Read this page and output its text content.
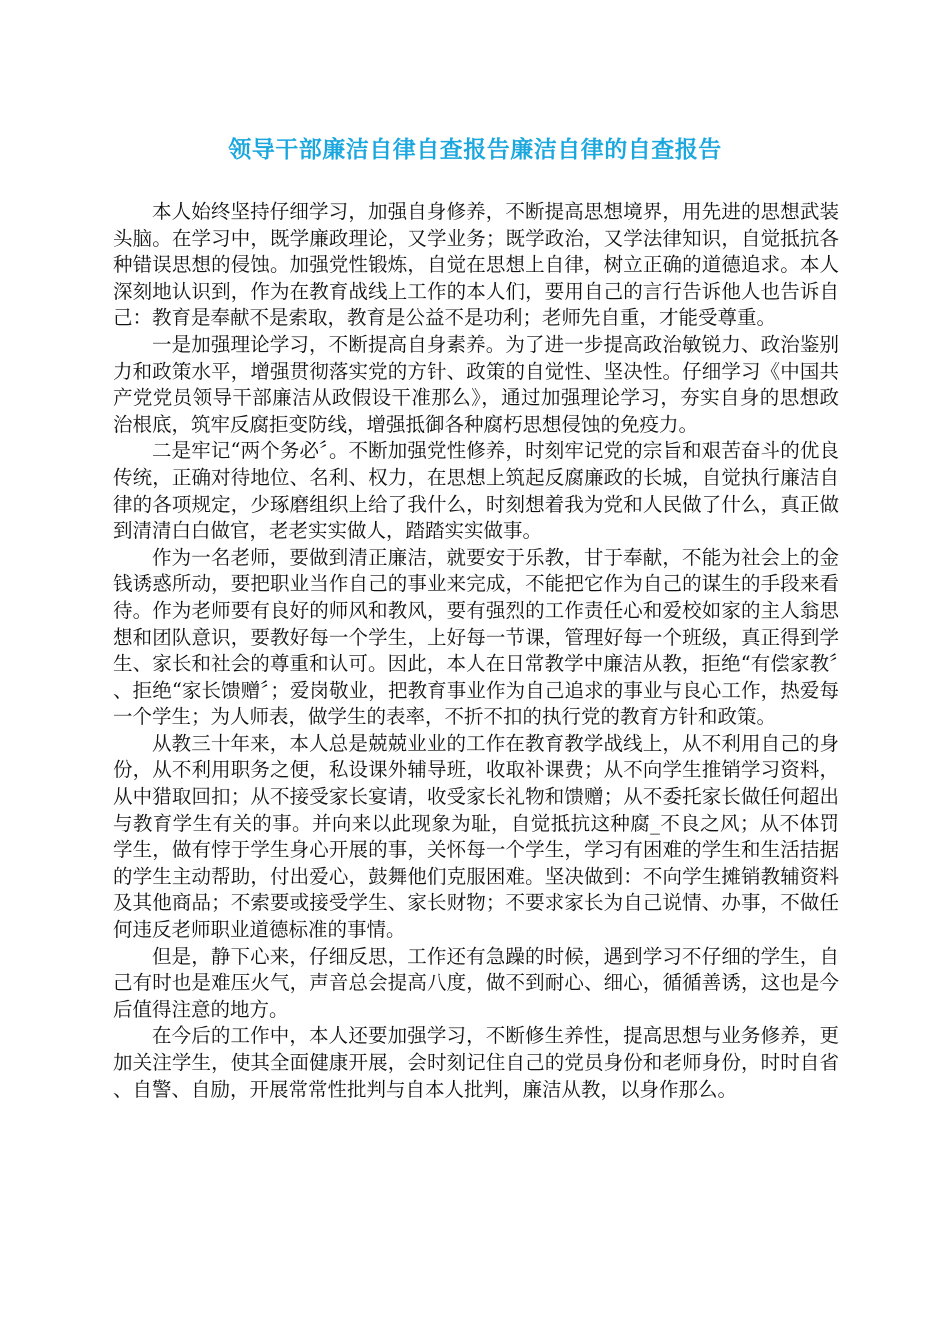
领导干部廉洁自律自查报告廉洁自律的自查报告

本人始终坚持仔细学习，加强自身修养，不断提高思想境界，用先进的思想武装头脑。在学习中，既学廉政理论，又学业务；既学政治，又学法律知识，自觉抵抗各种错误思想的侵蚀。加强党性锻炼，自觉在思想上自律，树立正确的道德追求。本人深刻地认识到，作为在教育战线上工作的本人们，要用自己的言行告诉他人也告诉自己：教育是奉献不是索取，教育是公益不是功利；老师先自重，才能受尊重。

一是加强理论学习，不断提高自身素养。为了进一步提高政治敏锐力、政治鉴别力和政策水平，增强贯彻落实党的方针、政策的自觉性、坚决性。仔细学习《中国共产党党员领导干部廉洁从政假设干准那么》，通过加强理论学习，夯实自身的思想政治根底，筑牢反腐拒变防线，增强抵御各种腐朽思想侵蚀的免疫力。

二是牢记“两个务必〞。不断加强党性修养，时刻牢记党的宗旨和艰苦奋斗的优良传统，正确对待地位、名利、权力，在思想上筑起反腐廉政的长城，自觉执行廉洁自律的各项规定，少琢磨组织上给了我什么，时刻想着我为党和人民做了什么，真正做到清清白白做官，老老实实做人，踏踏实实做事。

作为一名老师，要做到清正廉洁，就要安于乐教，甘于奉献，不能为社会上的金钱诱惑所动，要把职业当作自己的事业来完成，不能把它作为自己的谋生的手段来看待。作为老师要有良好的师风和教风，要有强烈的工作责任心和爱校如家的主人翁思想和团队意识，要教好每一个学生，上好每一节课，管理好每一个班级，真正得到学生、家长和社会的尊重和认可。因此，本人在日常教学中廉洁从教，拒绝“有偿家教〞、拒绝“家长馈赠〞；爱岗敬业，把教育事业作为自己追求的事业与良心工作，热爱每一个学生；为人师表，做学生的表率，不折不扣的执行党的教育方针和政策。

从教三十年来，本人总是兢兢业业的工作在教育教学战线上，从不利用自己的身份，从不利用职务之便，私设课外辅导班，收取补课费；从不向学生推销学习资料，从中猎取回扣；从不接受家长宴请，收受家长礼物和馈赠；从不委托家长做任何超出与教育学生有关的事。并向来以此现象为耻，自觉抵抗这种腐_不良之风；从不体罚学生，做有悖于学生身心开展的事，关怀每一个学生，学习有困难的学生和生活拮据的学生主动帮助，付出爱心，鼓舞他们克服困难。坚决做到：不向学生摊销教辅资料及其他商品；不索要或接受学生、家长财物；不要求家长为自己说情、办事，不做任何违反老师职业道德标准的事情。

但是，静下心来，仔细反思，工作还有急躁的时候，遇到学习不仔细的学生，自己有时也是难压火气，声音总会提高八度，做不到耐心、细心，循循善诱，这也是今后值得注意的地方。

在今后的工作中，本人还要加强学习，不断修生养性，提高思想与业务修养，更加关注学生，使其全面健康开展，会时刻记住自己的党员身份和老师身份，时时自省、自警、自励，开展常常性批判与自本人批判，廉洁从教，以身作那么。
